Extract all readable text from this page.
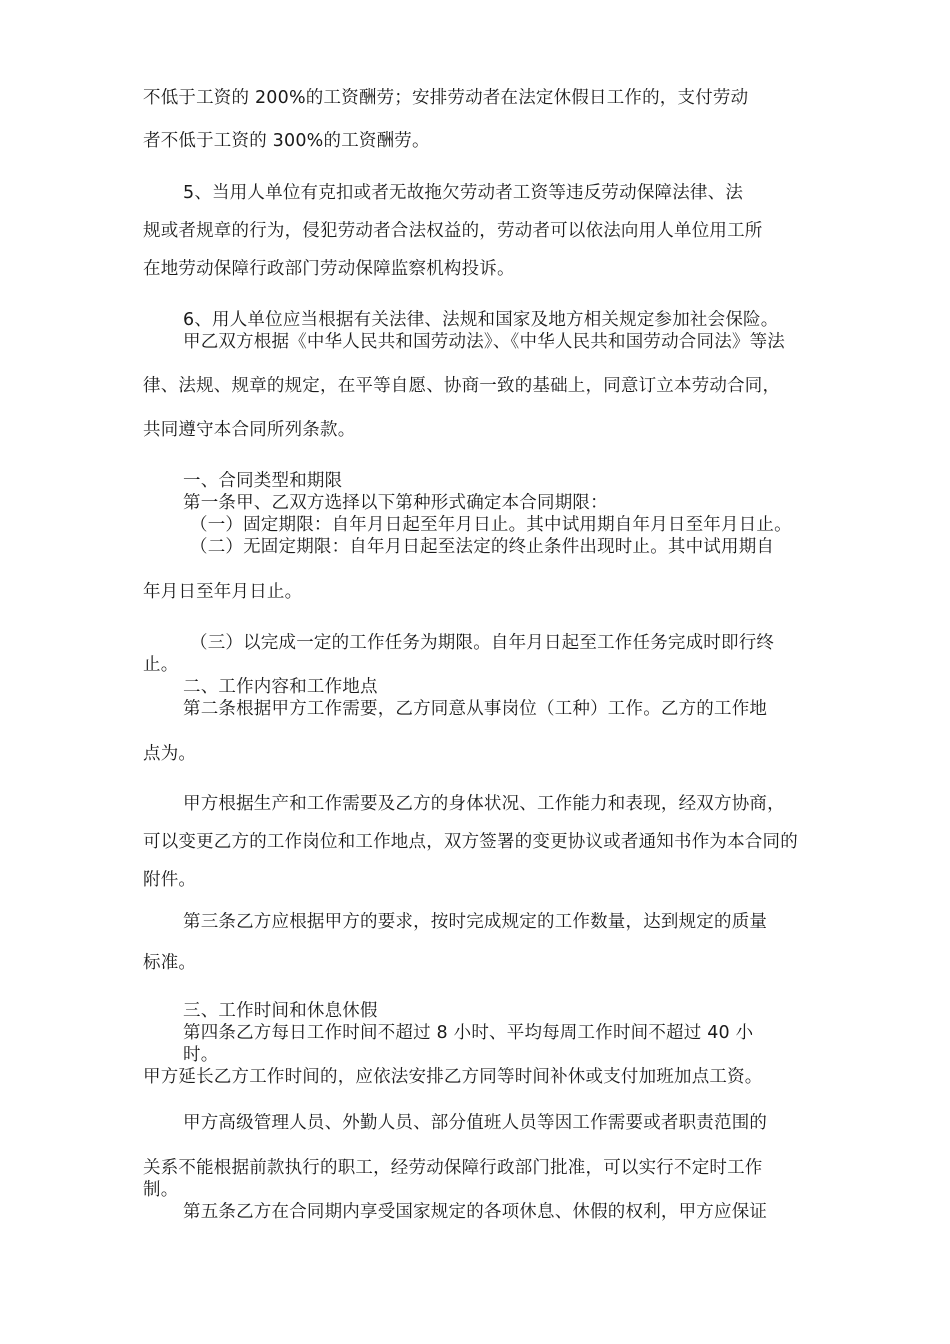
不低于工资的 200%的工资酬劳；安排劳动者在法定休假日工作的，支付劳动
者不低于工资的 300%的工资酬劳。
5、当用人单位有克扣或者无故拖欠劳动者工资等违反劳动保障法律、法
规或者规章的行为，侵犯劳动者合法权益的，劳动者可以依法向用人单位用工所
在地劳动保障行政部门劳动保障监察机构投诉。
6、用人单位应当根据有关法律、法规和国家及地方相关规定参加社会保险。
甲乙双方根据《中华人民共和国劳动法》、《中华人民共和国劳动合同法》等法
律、法规、规章的规定，在平等自愿、协商一致的基础上，同意订立本劳动合同，
共同遵守本合同所列条款。
一、合同类型和期限
第一条甲、乙双方选择以下第种形式确定本合同期限：
（一）固定期限：自年月日起至年月日止。其中试用期自年月日至年月日止。
（二）无固定期限：自年月日起至法定的终止条件出现时止。其中试用期自
年月日至年月日止。
（三）以完成一定的工作任务为期限。自年月日起至工作任务完成时即行终
止。
二、工作内容和工作地点
第二条根据甲方工作需要，乙方同意从事岗位（工种）工作。乙方的工作地
点为。
甲方根据生产和工作需要及乙方的身体状况、工作能力和表现，经双方协商，
可以变更乙方的工作岗位和工作地点，双方签署的变更协议或者通知书作为本合同的
附件。
第三条乙方应根据甲方的要求，按时完成规定的工作数量，达到规定的质量
标准。
三、工作时间和休息休假
第四条乙方每日工作时间不超过 8 小时、平均每周工作时间不超过 40 小
时。
甲方延长乙方工作时间的，应依法安排乙方同等时间补休或支付加班加点工资。
甲方高级管理人员、外勤人员、部分值班人员等因工作需要或者职责范围的
关系不能根据前款执行的职工，经劳动保障行政部门批准，可以实行不定时工作
制。
第五条乙方在合同期内享受国家规定的各项休息、休假的权利，甲方应保证
